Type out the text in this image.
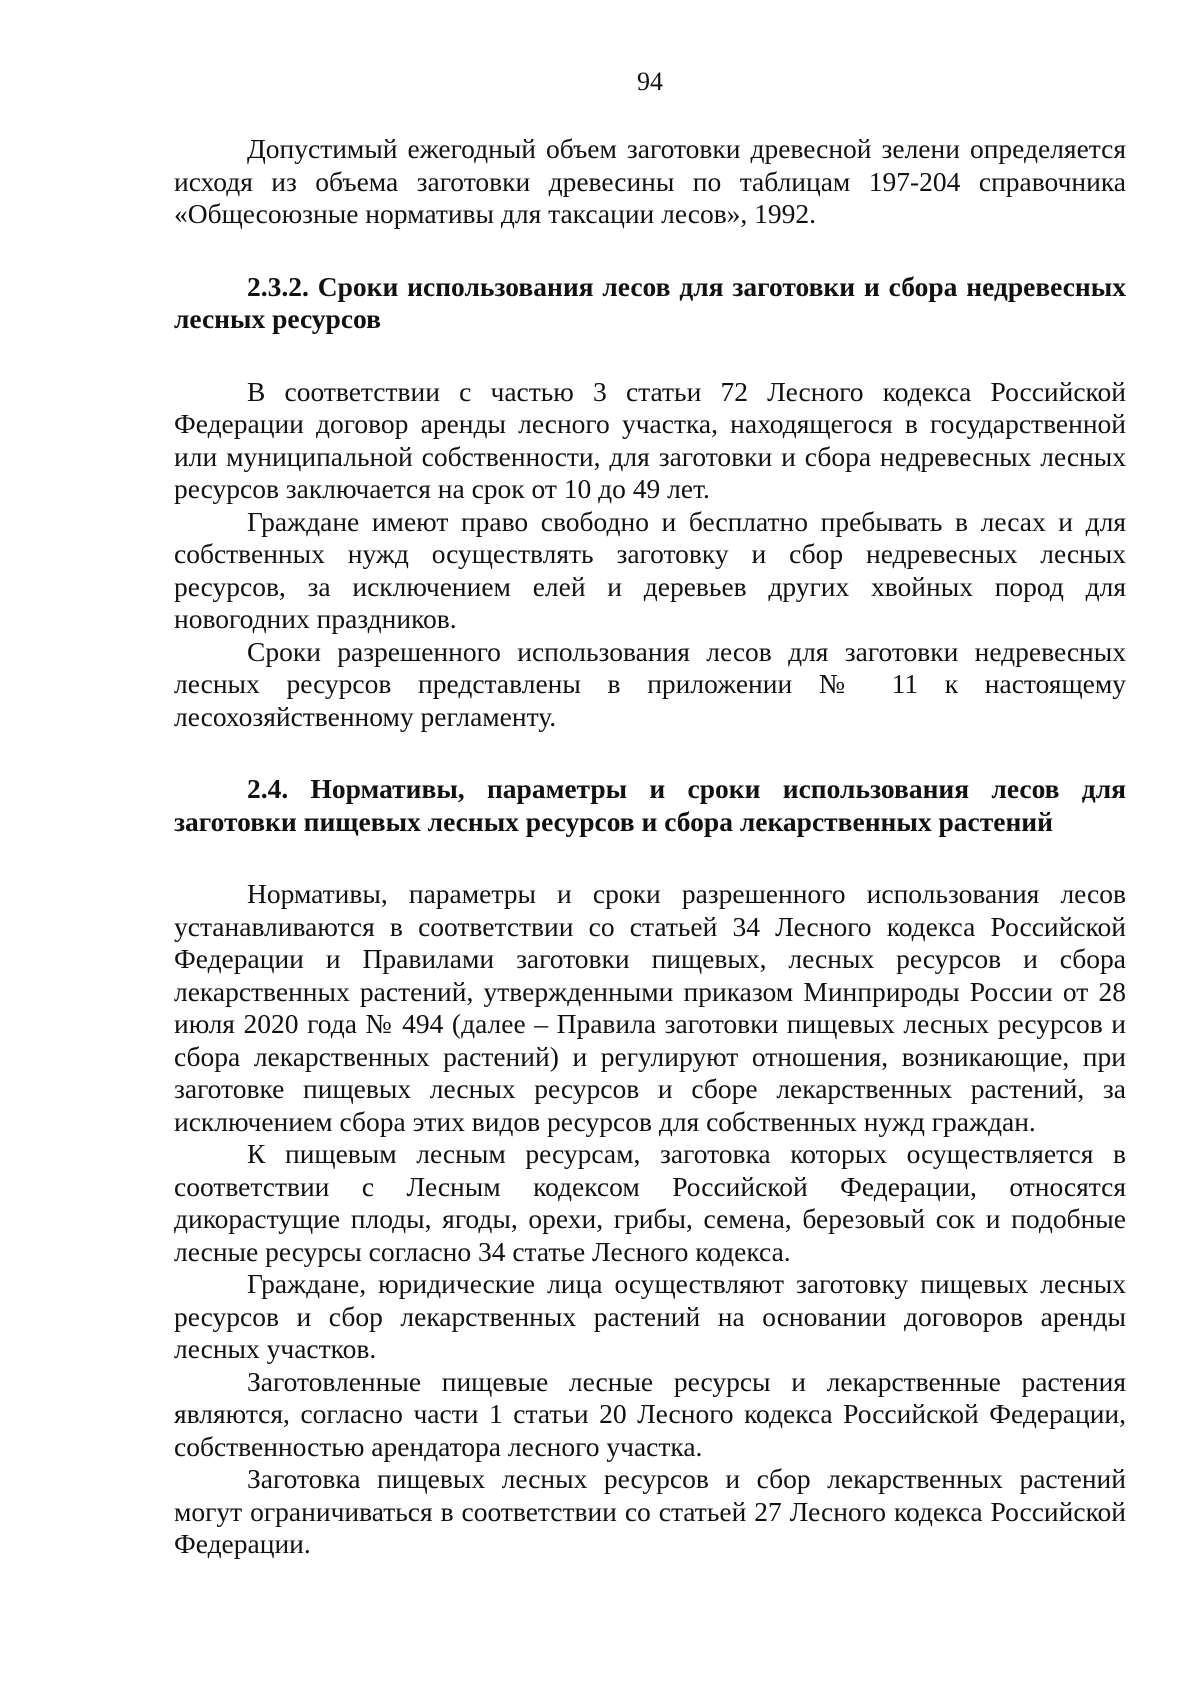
94

Допустимый ежегодный объем заготовки древесной зелени определяется исходя из объема заготовки древесины по таблицам 197-204 справочника «Общесоюзные нормативы для таксации лесов», 1992.

2.3.2. Сроки использования лесов для заготовки и сбора недревесных лесных ресурсов

В соответствии с частью 3 статьи 72 Лесного кодекса Российской Федерации договор аренды лесного участка, находящегося в государственной или муниципальной собственности, для заготовки и сбора недревесных лесных ресурсов заключается на срок от 10 до 49 лет.

Граждане имеют право свободно и бесплатно пребывать в лесах и для собственных нужд осуществлять заготовку и сбор недревесных лесных ресурсов, за исключением елей и деревьев других хвойных пород для новогодних праздников.

Сроки разрешенного использования лесов для заготовки недревесных лесных ресурсов представлены в приложении № 11 к настоящему лесохозяйственному регламенту.

2.4. Нормативы, параметры и сроки использования лесов для заготовки пищевых лесных ресурсов и сбора лекарственных растений

Нормативы, параметры и сроки разрешенного использования лесов устанавливаются в соответствии со статьей 34 Лесного кодекса Российской Федерации и Правилами заготовки пищевых, лесных ресурсов и сбора лекарственных растений, утвержденными приказом Минприроды России от 28 июля 2020 года № 494 (далее – Правила заготовки пищевых лесных ресурсов и сбора лекарственных растений) и регулируют отношения, возникающие, при заготовке пищевых лесных ресурсов и сборе лекарственных растений, за исключением сбора этих видов ресурсов для собственных нужд граждан.

К пищевым лесным ресурсам, заготовка которых осуществляется в соответствии с Лесным кодексом Российской Федерации, относятся дикорастущие плоды, ягоды, орехи, грибы, семена, березовый сок и подобные лесные ресурсы согласно 34 статье Лесного кодекса.

Граждане, юридические лица осуществляют заготовку пищевых лесных ресурсов и сбор лекарственных растений на основании договоров аренды лесных участков.

Заготовленные пищевые лесные ресурсы и лекарственные растения являются, согласно части 1 статьи 20 Лесного кодекса Российской Федерации, собственностью арендатора лесного участка.

Заготовка пищевых лесных ресурсов и сбор лекарственных растений могут ограничиваться в соответствии со статьей 27 Лесного кодекса Российской Федерации.
